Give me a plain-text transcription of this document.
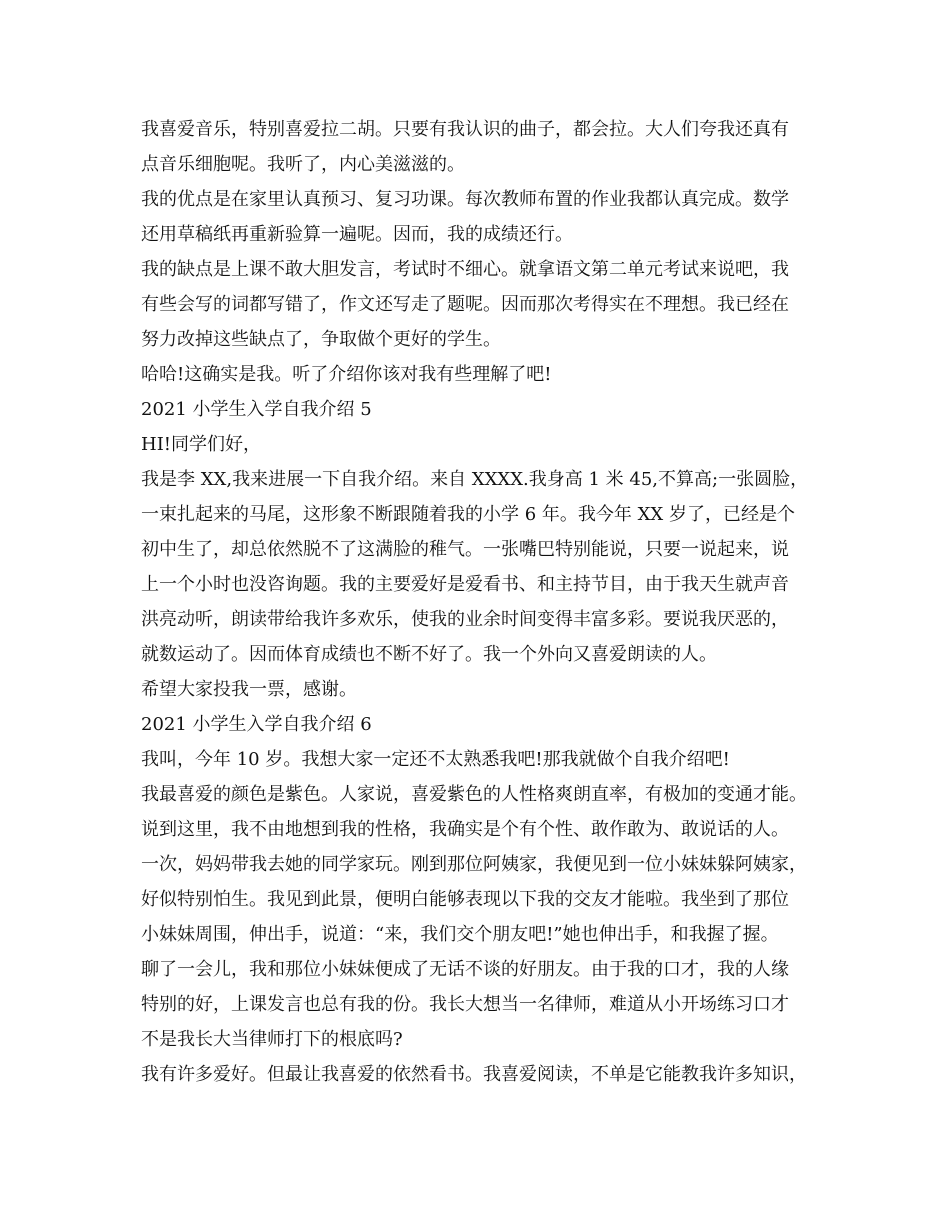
我喜爱音乐，特别喜爱拉二胡。只要有我认识的曲子，都会拉。大人们夸我还真有
点音乐细胞呢。我听了，内心美滋滋的。
我的优点是在家里认真预习、复习功课。每次教师布置的作业我都认真完成。数学
还用草稿纸再重新验算一遍呢。因而，我的成绩还行。
我的缺点是上课不敢大胆发言，考试时不细心。就拿语文第二单元考试来说吧，我
有些会写的词都写错了，作文还写走了题呢。因而那次考得实在不理想。我已经在
努力改掉这些缺点了，争取做个更好的学生。
哈哈!这确实是我。听了介绍你该对我有些理解了吧!
2021 小学生入学自我介绍 5
HI!同学们好，
我是李 XX,我来进展一下自我介绍。来自 XXXX.我身高 1 米 45,不算高;一张圆脸，
一束扎起来的马尾，这形象不断跟随着我的小学 6 年。我今年 XX 岁了，已经是个
初中生了，却总依然脱不了这满脸的稚气。一张嘴巴特别能说，只要一说起来，说
上一个小时也没咨询题。我的主要爱好是爱看书、和主持节目，由于我天生就声音
洪亮动听，朗读带给我许多欢乐，使我的业余时间变得丰富多彩。要说我厌恶的，
就数运动了。因而体育成绩也不断不好了。我一个外向又喜爱朗读的人。
希望大家投我一票，感谢。
2021 小学生入学自我介绍 6
我叫，今年 10 岁。我想大家一定还不太熟悉我吧!那我就做个自我介绍吧!
我最喜爱的颜色是紫色。人家说，喜爱紫色的人性格爽朗直率，有极加的变通才能。
说到这里，我不由地想到我的性格，我确实是个有个性、敢作敢为、敢说话的人。
一次，妈妈带我去她的同学家玩。刚到那位阿姨家，我便见到一位小妹妹躲阿姨家，
好似特别怕生。我见到此景，便明白能够表现以下我的交友才能啦。我坐到了那位
小妹妹周围，伸出手，说道：“来，我们交个朋友吧!”她也伸出手，和我握了握。
聊了一会儿，我和那位小妹妹便成了无话不谈的好朋友。由于我的口才，我的人缘
特别的好，上课发言也总有我的份。我长大想当一名律师，难道从小开场练习口才
不是我长大当律师打下的根底吗?
我有许多爱好。但最让我喜爱的依然看书。我喜爱阅读，不单是它能教我许多知识，
